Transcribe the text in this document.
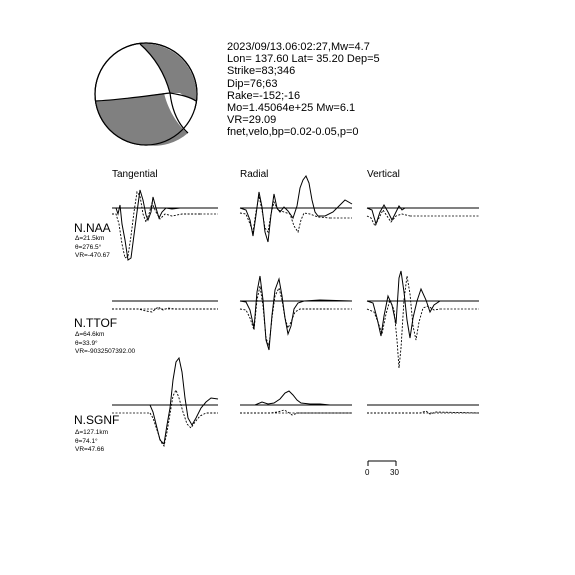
2023/09/13.06:02:27,Mw=4.7
Lon= 137.60 Lat= 35.20 Dep=5
Strike=83;346
Dip=76;63
Rake=-152;-16
Mo=1.45064e+25 Mw=6.1
VR=29.09
fnet,velo,bp=0.02-0.05,p=0
Tangential	Radial	Vertical
N.NAA
Δ=21.5km
θ=276.5°
VR=-470.67
N.TTOF
Δ=64.6km
θ=33.9°
VR=-9032507392.00
N.SGNF
Δ=127.1km
θ=74.1°
VR=47.66
0	30
